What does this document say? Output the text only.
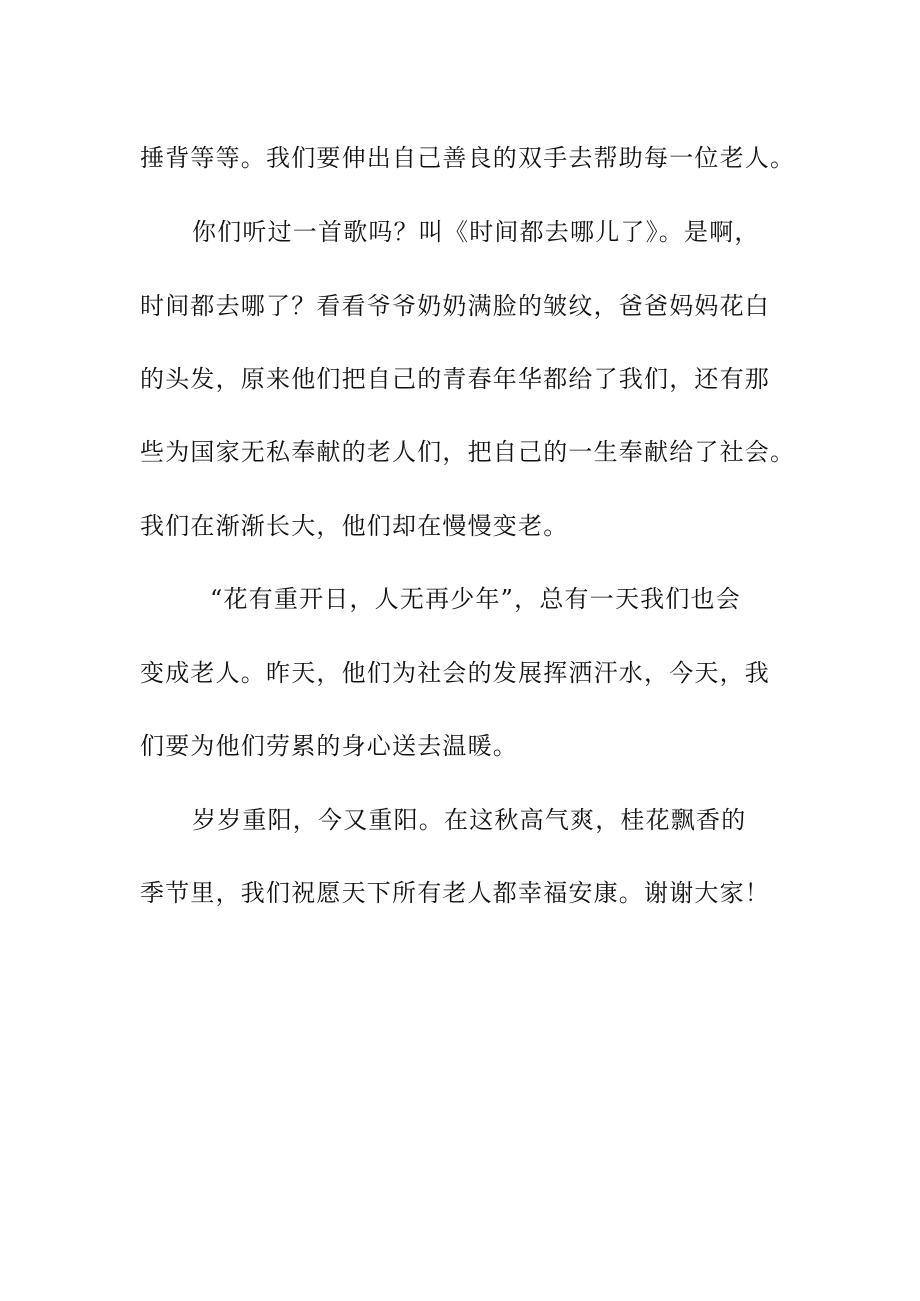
捶背等等。我们要伸出自己善良的双手去帮助每一位老人。
你们听过一首歌吗？叫《时间都去哪儿了》。是啊，
时间都去哪了？看看爷爷奶奶满脸的皱纹，爸爸妈妈花白
的头发，原来他们把自己的青春年华都给了我们，还有那
些为国家无私奉献的老人们，把自己的一生奉献给了社会。
我们在渐渐长大，他们却在慢慢变老。
“花有重开日，人无再少年”，总有一天我们也会
变成老人。昨天，他们为社会的发展挥洒汗水，今天，我
们要为他们劳累的身心送去温暖。
岁岁重阳，今又重阳。在这秋高气爽，桂花飘香的
季节里，我们祝愿天下所有老人都幸福安康。谢谢大家！
